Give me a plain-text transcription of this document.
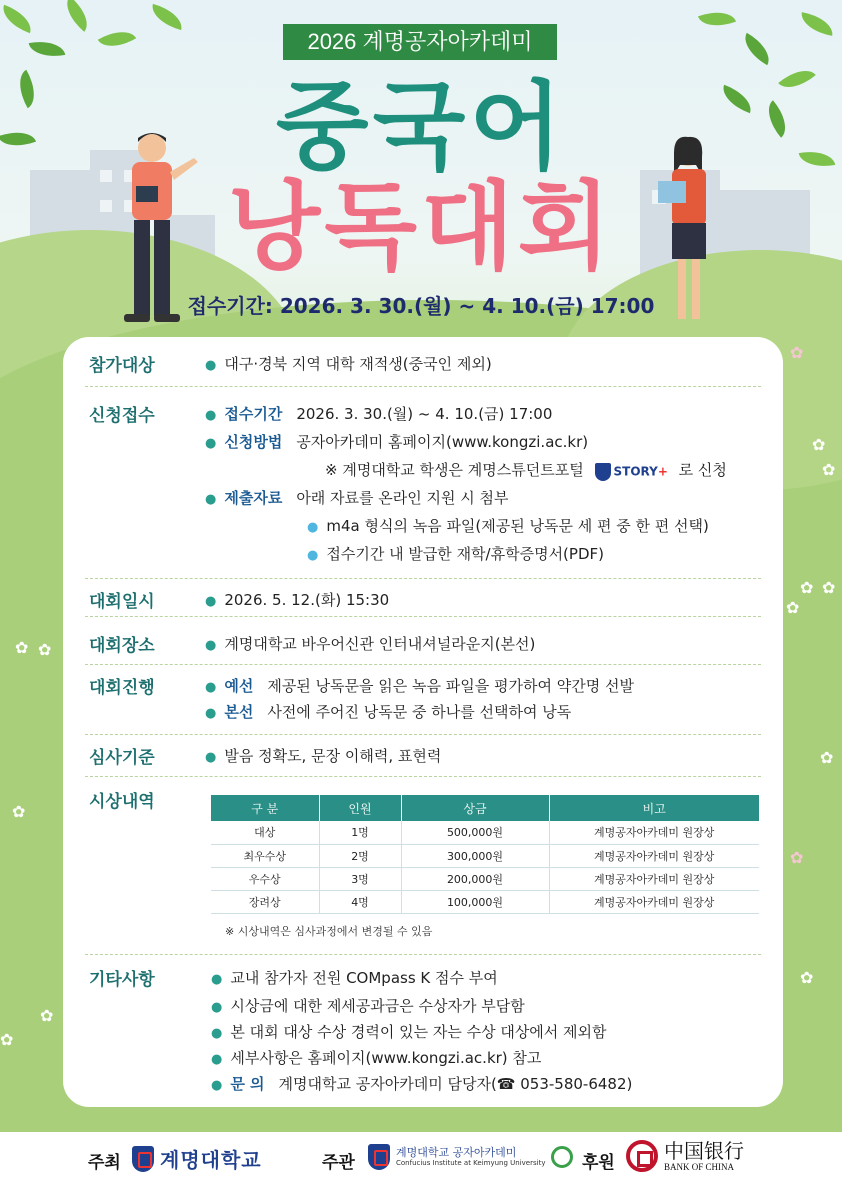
2026 계명공자아카데미
중국어
낭독대회
접수기간: 2026. 3. 30.(월) ~ 4. 10.(금) 17:00
✿
✿
✿
✿ ✿
✿
✿ ✿
✿
✿
✿
✿
✿
✿
참가대상	● 대구·경북 지역 대학 재적생(중국인 제외)
신청접수	● 접수기간 2026. 3. 30.(월) ~ 4. 10.(금) 17:00
● 신청방법 공자아카데미 홈페이지(www.kongzi.ac.kr)
※ 계명대학교 학생은 계명스튜던트포털 STORY+ 로 신청
● 제출자료 아래 자료를 온라인 지원 시 첨부
● m4a 형식의 녹음 파일(제공된 낭독문 세 편 중 한 편 선택)
● 접수기간 내 발급한 재학/휴학증명서(PDF)
대회일시	● 2026. 5. 12.(화) 15:30
대회장소	● 계명대학교 바우어신관 인터내셔널라운지(본선)
대회진행	● 예선 제공된 낭독문을 읽은 녹음 파일을 평가하여 약간명 선발
● 본선 사전에 주어진 낭독문 중 하나를 선택하여 낭독
심사기준	● 발음 정확도, 문장 이해력, 표현력
시상내역	구 분	인원	상금	비고
대상	1명	500,000원	계명공자아카데미 원장상
최우수상	2명	300,000원	계명공자아카데미 원장상
우수상	3명	200,000원	계명공자아카데미 원장상
장려상	4명	100,000원	계명공자아카데미 원장상
※ 시상내역은 심사과정에서 변경될 수 있음
기타사항	● 교내 참가자 전원 COMpass K 점수 부여
● 시상금에 대한 제세공과금은 수상자가 부담함
● 본 대회 대상 수상 경력이 있는 자는 수상 대상에서 제외함
● 세부사항은 홈페이지(www.kongzi.ac.kr) 참고
● 문 의 계명대학교 공자아카데미 담당자(☎ 053-580-6482)
주최 계명대학교	주관
계명대학교 공자아카데미
Confucius Institute at Keimyung University 후원 中国银行
BANK OF CHINA
